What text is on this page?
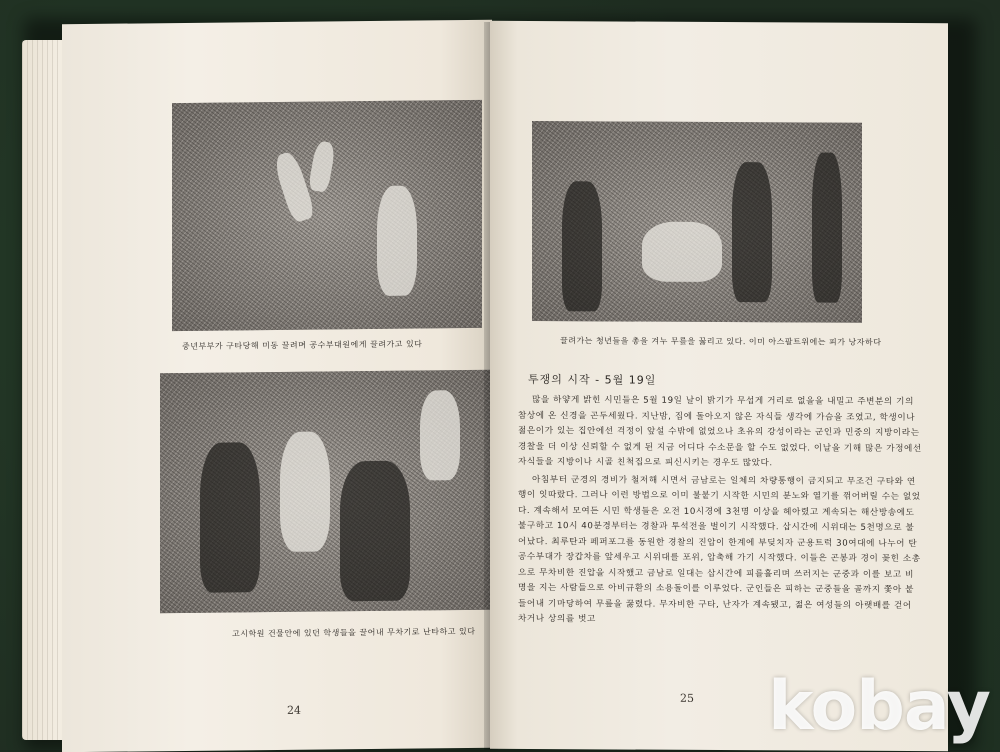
중년부부가 구타당해 미동 끌려며 공수부대원에게 끌려가고 있다
고시학원 건물안에 있던 학생들을 끌어내 무차기로 난타하고 있다
24
끌려가는 청년들을 총을 겨누 무릎을 꿇리고 있다. 이미 아스팔트위에는 피가 낭자하다
투쟁의 시작 - 5월 19일

많을 하얗게 밝힌 시민들은 5월 19일 날이 밝기가 무섭게 거리로 없을을 내밀고 주변분의 기의 참상에 온 신경을 곤두세웠다. 지난밤, 집에 돌아오지 않은 자식들 생각에 가슴을 조였고, 학생이나 젊은이가 있는 집안에선 걱정이 앞설 수밖에 없었으나 초유의 강성이라는 군인과 민중의 지방이라는 경찰을 더 이상 신뢰할 수 없게 된 지금 어디다 수소문을 할 수도 없었다. 이날을 기해 많은 가정에선 자식들을 지방이나 시골 친척집으로 피신시키는 경우도 많았다.

아침부터 군경의 경비가 철저해 시면서 금남로는 일체의 차량통행이 금지되고 무조건 구타와 연행이 잇따랐다. 그러나 이런 방법으로 이미 불붙기 시작한 시민의 분노와 열기를 꺾어버릴 수는 없었다. 계속해서 모여든 시민 학생들은 오전 10시경에 3천명 이상을 헤아렸고 계속되는 해산방송에도 불구하고 10시 40분경부터는 경찰과 투석전을 벌이기 시작했다. 삽시간에 시위대는 5천명으로 불어났다. 최루탄과 페퍼포그를 동원한 경찰의 진압이 한계에 부딪치자 군용트럭 30여대에 나누어 탄 공수부대가 장갑차를 앞세우고 시위대를 포위, 압축해 가기 시작했다. 이들은 곤봉과 경이 꽂힌 소총으로 무차비한 진압을 시작했고 금남로 일대는 삽시간에 피를흘리며 쓰러지는 군중과 이를 보고 비명을 지는 사람들으로 아비규환의 소용돌이를 이루었다. 군인들은 피하는 군중들을 골까지 쫓아 붙들어내 기마당하여 무릎을 꿇렸다. 무자비한 구타, 난자가 계속됐고, 젊은 여성들의 아랫배를 걷어 차거나 상의를 벗고

25 kobay
